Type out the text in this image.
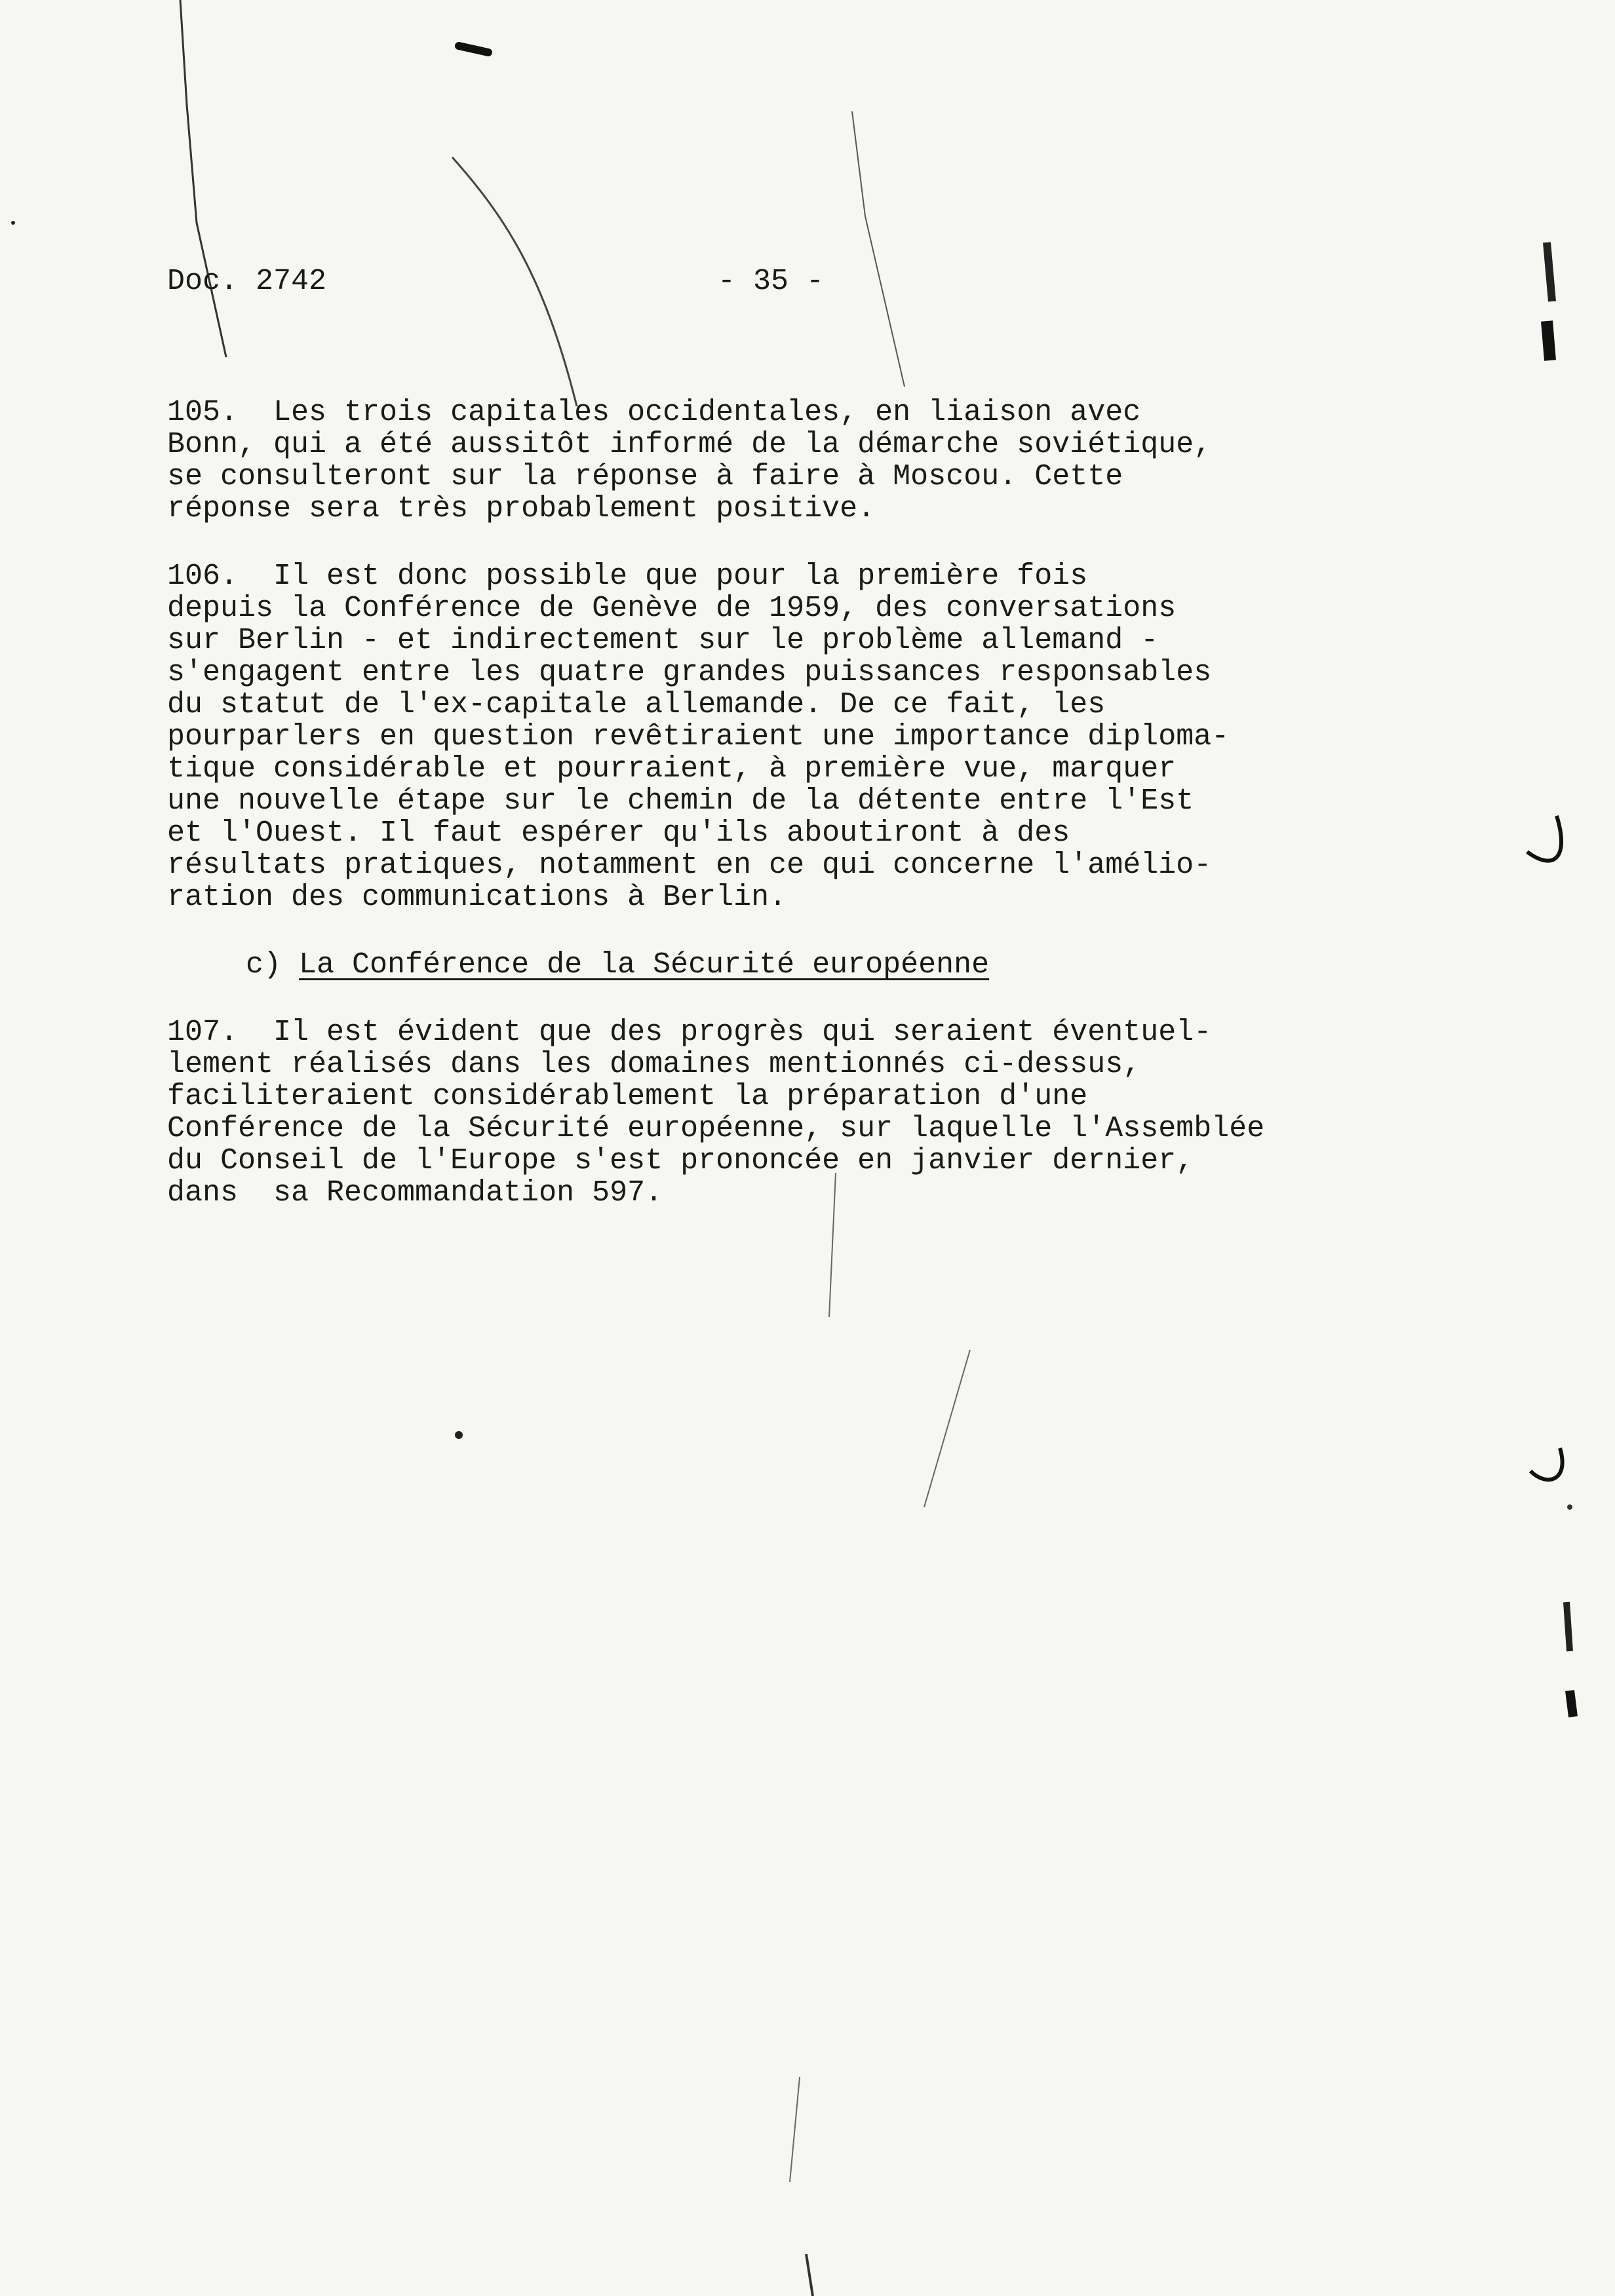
Doc. 2742	- 35 -
105.  Les trois capitales occidentales, en liaison avec
Bonn, qui a été aussitôt informé de la démarche soviétique,
se consulteront sur la réponse à faire à Moscou. Cette
réponse sera très probablement positive.
106.  Il est donc possible que pour la première fois
depuis la Conférence de Genève de 1959, des conversations
sur Berlin - et indirectement sur le problème allemand -
s'engagent entre les quatre grandes puissances responsables
du statut de l'ex-capitale allemande. De ce fait, les
pourparlers en question revêtiraient une importance diploma-
tique considérable et pourraient, à première vue, marquer
une nouvelle étape sur le chemin de la détente entre l'Est
et l'Ouest. Il faut espérer qu'ils aboutiront à des
résultats pratiques, notamment en ce qui concerne l'amélio-
ration des communications à Berlin.
c) La Conférence de la Sécurité européenne
107.  Il est évident que des progrès qui seraient éventuel-
lement réalisés dans les domaines mentionnés ci-dessus,
faciliteraient considérablement la préparation d'une
Conférence de la Sécurité européenne, sur laquelle l'Assemblée
du Conseil de l'Europe s'est prononcée en janvier dernier,
dans  sa Recommandation 597.
